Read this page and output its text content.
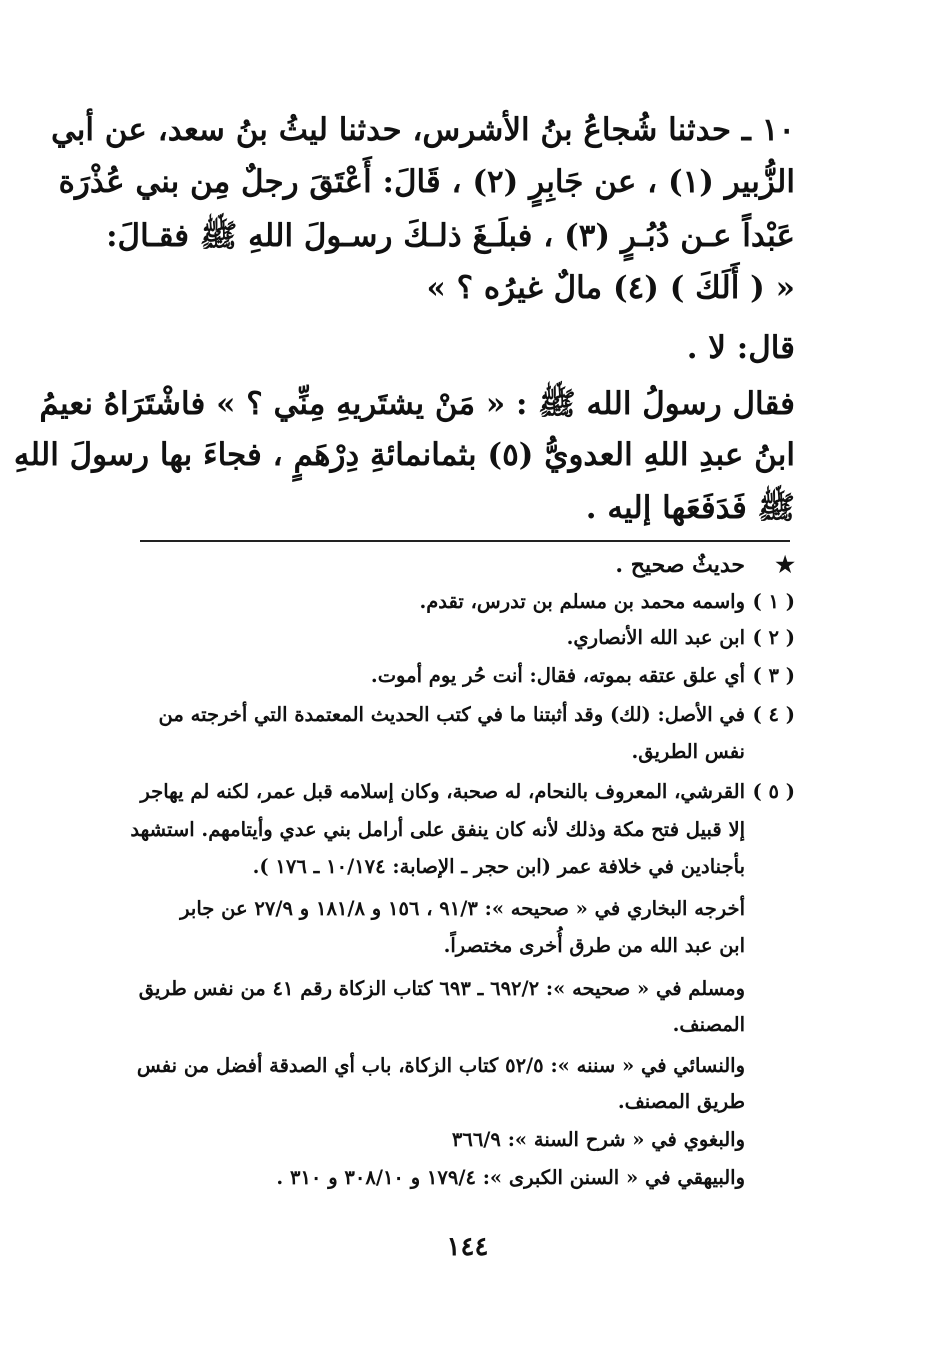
١٠ ـ حدثنا شُجاعُ بنُ الأشرس، حدثنا ليثُ بنُ سعد، عن أبي
الزُّبير (١) ، عن جَابِرٍ (٢) ، قَالَ: أَعْتَقَ رجلٌ مِن بني عُذْرَة
عَبْداً عـن دُبُـرٍ (٣) ، فبلَـغَ ذلـكَ رسـولَ اللهِ ﷺ فقـالَ:
« ( أَلَكَ ) (٤) مالٌ غيرُه ؟ »
قال: لا .
فقال رسولُ الله ﷺ : « مَنْ يشتَريهِ مِنِّي ؟ » فاشْتَرَاهُ نعيمُ
ابنُ عبدِ اللهِ العدويُّ (٥) بثمانمائةِ دِرْهَمٍ ، فجاءَ بها رسولَ اللهِ
ﷺ فَدَفَعَها إليه .
★حديثٌ صحيح .
( ١ )واسمه محمد بن مسلم بن تدرس، تقدم.
( ٢ )ابن عبد الله الأنصاري.
( ٣ )أي علق عتقه بموته، فقال: أنت حُر يوم أموت.
( ٤ )في الأصل: (لك) وقد أثبتنا ما في كتب الحديث المعتمدة التي أخرجته من
نفس الطريق.
( ٥ )القرشي، المعروف بالنحام، له صحبة، وكان إسلامه قبل عمر، لكنه لم يهاجر
إلا قبيل فتح مكة وذلك لأنه كان ينفق على أرامل بني عدي وأيتامهم. استشهد
بأجنادين في خلافة عمر (ابن حجر ـ الإصابة: ١٠/١٧٤ ـ ١٧٦ ).
أخرجه البخاري في « صحيحه »: ٩١/٣ ، ١٥٦ و ١٨١/٨ و ٢٧/٩ عن جابر
ابن عبد الله من طرق أُخرى مختصراً.
ومسلم في « صحيحه »: ٦٩٢/٢ ـ ٦٩٣ كتاب الزكاة رقم ٤١ من نفس طريق
المصنف.
والنسائي في « سننه »: ٥٢/٥ كتاب الزكاة، باب أي الصدقة أفضل من نفس
طريق المصنف.
والبغوي في « شرح السنة »: ٣٦٦/٩
والبيهقي في « السنن الكبرى »: ١٧٩/٤ و ٣٠٨/١٠ و ٣١٠ .
١٤٤
